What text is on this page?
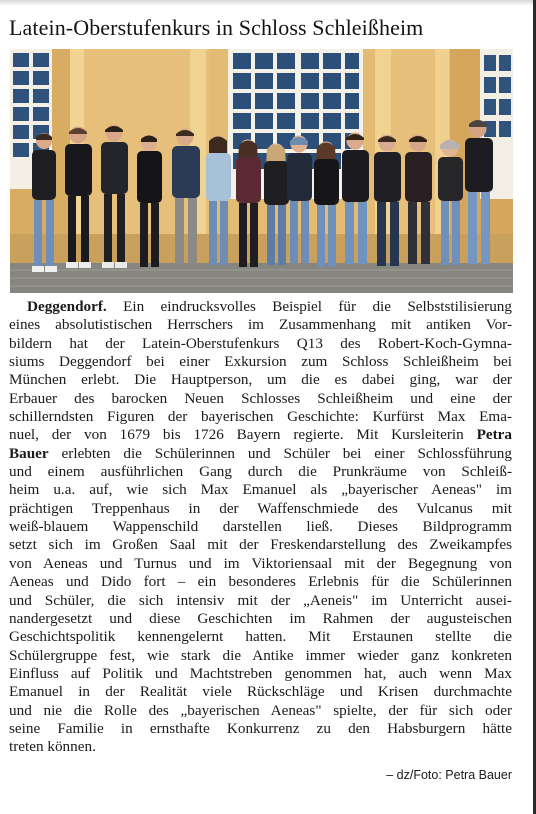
Latein-Oberstufenkurs in Schloss Schleißheim
Deggendorf. Ein eindrucksvolles Beispiel für die Selbststilisierung
eines absolutistischen Herrschers im Zusammenhang mit antiken Vor-
bildern hat der Latein-Oberstufenkurs Q13 des Robert-Koch-Gymna-
siums Deggendorf bei einer Exkursion zum Schloss Schleißheim bei
München erlebt. Die Hauptperson, um die es dabei ging, war der
Erbauer des barocken Neuen Schlosses Schleißheim und eine der
schillerndsten Figuren der bayerischen Geschichte: Kurfürst Max Ema-
nuel, der von 1679 bis 1726 Bayern regierte. Mit Kursleiterin Petra
Bauer erlebten die Schülerinnen und Schüler bei einer Schlossführung
und einem ausführlichen Gang durch die Prunkräume von Schleiß-
heim u.a. auf, wie sich Max Emanuel als „bayerischer Aeneas" im
prächtigen Treppenhaus in der Waffenschmiede des Vulcanus mit
weiß-blauem Wappenschild darstellen ließ. Dieses Bildprogramm
setzt sich im Großen Saal mit der Freskendarstellung des Zweikampfes
von Aeneas und Turnus und im Viktoriensaal mit der Begegnung von
Aeneas und Dido fort – ein besonderes Erlebnis für die Schülerinnen
und Schüler, die sich intensiv mit der „Aeneis" im Unterricht ausei-
nandergesetzt und diese Geschichten im Rahmen der augusteischen
Geschichtspolitik kennengelernt hatten. Mit Erstaunen stellte die
Schülergruppe fest, wie stark die Antike immer wieder ganz konkreten
Einfluss auf Politik und Machtstreben genommen hat, auch wenn Max
Emanuel in der Realität viele Rückschläge und Krisen durchmachte
und nie die Rolle des „bayerischen Aeneas" spielte, der für sich oder
seine Familie in ernsthafte Konkurrenz zu den Habsburgern hätte
treten können.
– dz/Foto: Petra Bauer
